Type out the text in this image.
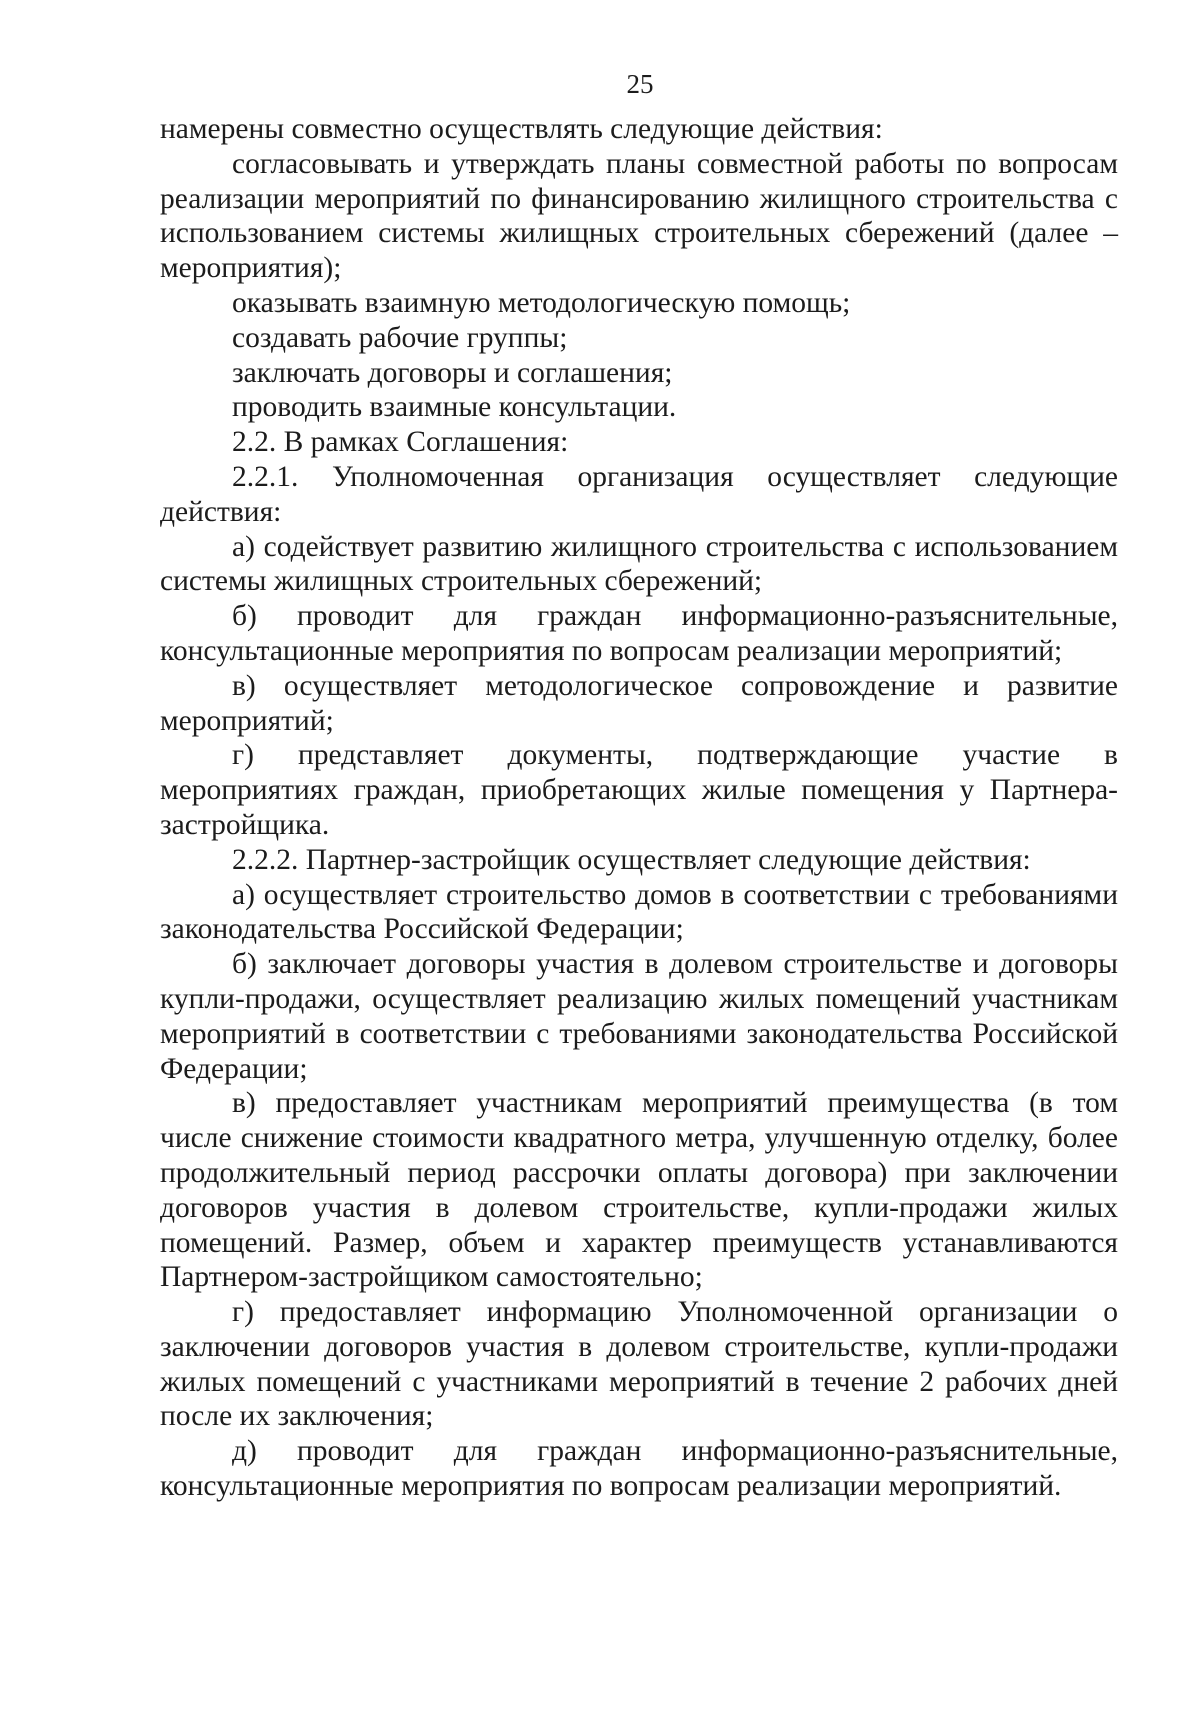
25

намерены совместно осуществлять следующие действия:

согласовывать и утверждать планы совместной работы по вопросам реализации мероприятий по финансированию жилищного строительства с использованием системы жилищных строительных сбережений (далее – мероприятия);

оказывать взаимную методологическую помощь;

создавать рабочие группы;

заключать договоры и соглашения;

проводить взаимные консультации.

2.2. В рамках Соглашения:

2.2.1. Уполномоченная организация осуществляет следующие действия:

а) содействует развитию жилищного строительства с использованием системы жилищных строительных сбережений;

б) проводит для граждан информационно-разъяснительные, консультационные мероприятия по вопросам реализации мероприятий;

в) осуществляет методологическое сопровождение и развитие мероприятий;

г) представляет документы, подтверждающие участие в мероприятиях граждан, приобретающих жилые помещения у Партнера-застройщика.

2.2.2. Партнер-застройщик осуществляет следующие действия:

а) осуществляет строительство домов в соответствии с требованиями законодательства Российской Федерации;

б) заключает договоры участия в долевом строительстве и договоры купли-продажи, осуществляет реализацию жилых помещений участникам мероприятий в соответствии с требованиями законодательства Российской Федерации;

в) предоставляет участникам мероприятий преимущества (в том числе снижение стоимости квадратного метра, улучшенную отделку, более продолжительный период рассрочки оплаты договора) при заключении договоров участия в долевом строительстве, купли-продажи жилых помещений. Размер, объем и характер преимуществ устанавливаются Партнером-застройщиком самостоятельно;

г) предоставляет информацию Уполномоченной организации о заключении договоров участия в долевом строительстве, купли-продажи жилых помещений с участниками мероприятий в течение 2 рабочих дней после их заключения;

д) проводит для граждан информационно-разъяснительные, консультационные мероприятия по вопросам реализации мероприятий.
